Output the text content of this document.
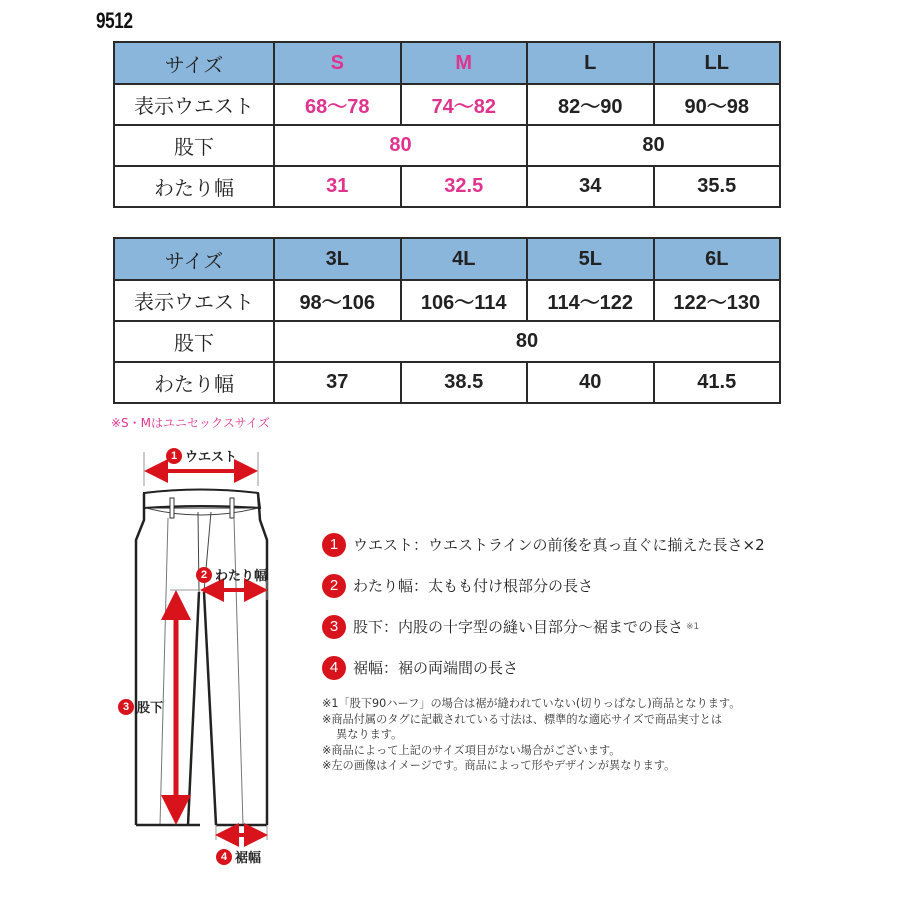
9512
サイズ	S	M	L	LL
表示ウエスト	68〜78	74〜82	82〜90	90〜98
股下	80		80	
わたり幅	31	32.5	34	35.5
サイズ	3L	4L	5L	6L
表示ウエスト	98〜106	106〜114	114〜122	122〜130
股下	80			
わたり幅	37	38.5	40	41.5
※S・Mはユニセックスサイズ
1 ウエスト
2 わたり幅
3 股下
4 裾幅
1 ウエスト：ウエストラインの前後を真っ直ぐに揃えた長さ×2
2 わたり幅：太もも付け根部分の長さ
3 股下：内股の十字型の縫い目部分〜裾までの長さ ※1
4 裾幅：裾の両端間の長さ

※1「股下90ハーフ」の場合は裾が縫われていない(切りっぱなし)商品となります。

※商品付属のタグに記載されている寸法は、標準的な適応サイズで商品実寸とは

異なります。

※商品によって上記のサイズ項目がない場合がございます。

※左の画像はイメージです。商品によって形やデザインが異なります。
